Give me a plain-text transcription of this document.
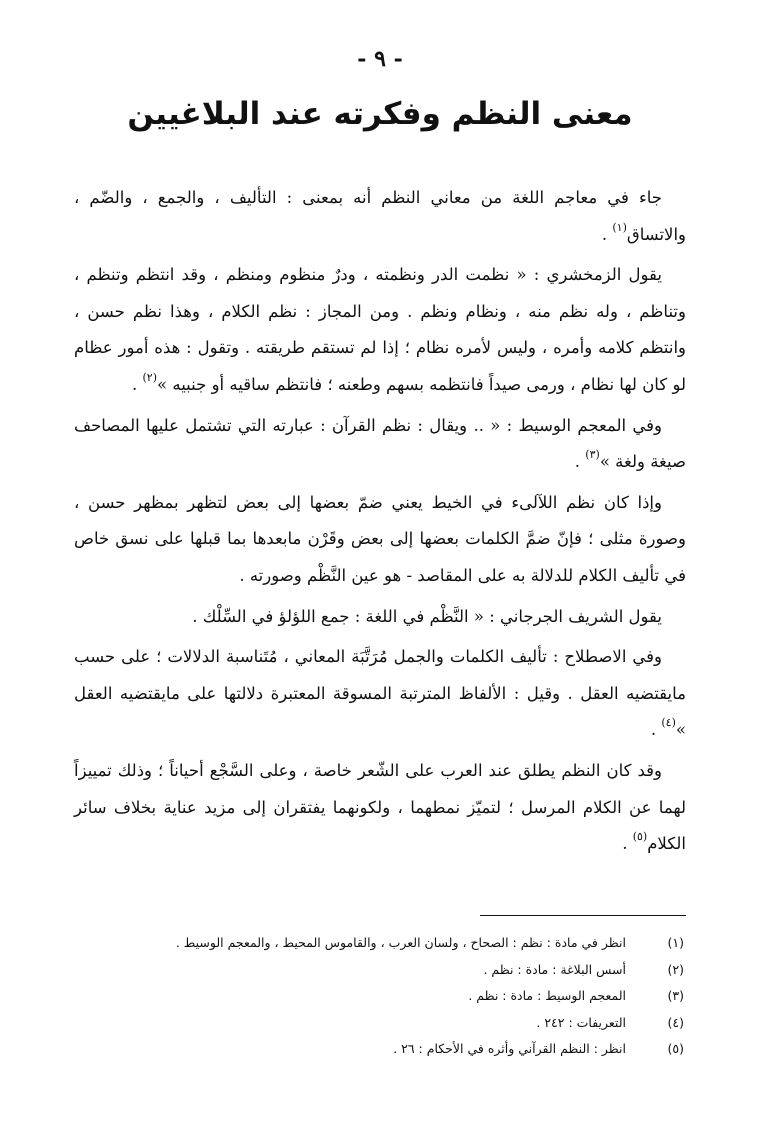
- ٩ -
معنى النظم وفكرته عند البلاغيين

جاء في معاجم اللغة من معاني النظم أنه بمعنى : التأليف ، والجمع ، والضّم ، والاتساق$^{(١)}$ .

يقول الزمخشري : « نظمت الدر ونظمته ، ودرٌ منظوم ومنظم ، وقد انتظم وتنظم ، وتناظم ، وله نظم منه ، ونظام ونظم . ومن المجاز : نظم الكلام ، وهذا نظم حسن ، وانتظم كلامه وأمره ، وليس لأمره نظام ؛ إذا لم تستقم طريقته . وتقول : هذه أمور عظام لو كان لها نظام ، ورمى صيداً فانتظمه بسهم وطعنه ؛ فانتظم ساقيه أو جنبيه »$^{(٢)}$ .

وفي المعجم الوسيط : « .. ويقال : نظم القرآن : عبارته التي تشتمل عليها المصاحف صيغة ولغة »$^{(٣)}$ .

وإذا كان نظم اللآلىء في الخيط يعني ضمّ بعضها إلى بعض لتظهر بمظهر حسن ، وصورة مثلى ؛ فإنّ ضمَّ الكلمات بعضها إلى بعض وقَرْن مابعدها بما قبلها على نسق خاص في تأليف الكلام للدلالة به على المقاصد - هو عين النَّظْم وصورته .

يقول الشريف الجرجاني : « النَّظْم في اللغة : جمع اللؤلؤ في السِّلْك .

وفي الاصطلاح : تأليف الكلمات والجمل مُرَتَّبَة المعاني ، مُتَناسبة الدلالات ؛ على حسب مايقتضيه العقل . وقيل : الألفاظ المترتبة المسوقة المعتبرة دلالتها على مايقتضيه العقل »$^{(٤)}$ .

وقد كان النظم يطلق عند العرب على الشّعر خاصة ، وعلى السَّجْع أحياناً ؛ وذلك تمييزاً لهما عن الكلام المرسل ؛ لتميّز نمطهما ، ولكونهما يفتقران إلى مزيد عناية بخلاف سائر الكلام$^{(٥)}$ .

(١)
انظر في مادة : نظم : الصحاح ، ولسان العرب ، والقاموس المحيط ، والمعجم الوسيط .
(٢)
أسس البلاغة : مادة : نظم .
(٣)
المعجم الوسيط : مادة : نظم .
(٤)
التعريفات : ٢٤٢ .
(٥)
انظر : النظم القرآني وأثره في الأحكام : ٢٦ .
